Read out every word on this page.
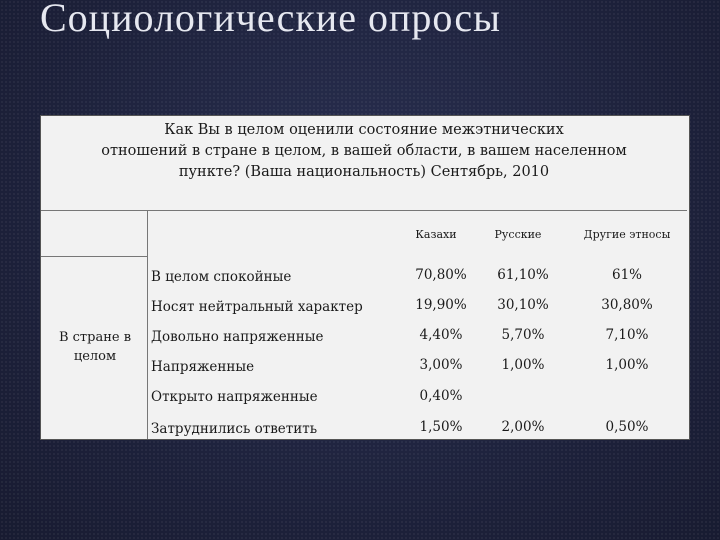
Социологические опросы
Как Вы в целом оценили состояние межэтнических
отношений в стране в целом, в вашей области, в вашем населенном
пункте? (Ваша национальность) Сентябрь, 2010
Казахи	Русские	Другие этносы
В стране в
целом
В целом спокойные	70,80%	61,10%	61%
Носят нейтральный характер	19,90%	30,10%	30,80%
Довольно напряженные	4,40%	5,70%	7,10%
Напряженные	3,00%	1,00%	1,00%
Открыто напряженные	0,40%
Затруднились ответить	1,50%	2,00%	0,50%
